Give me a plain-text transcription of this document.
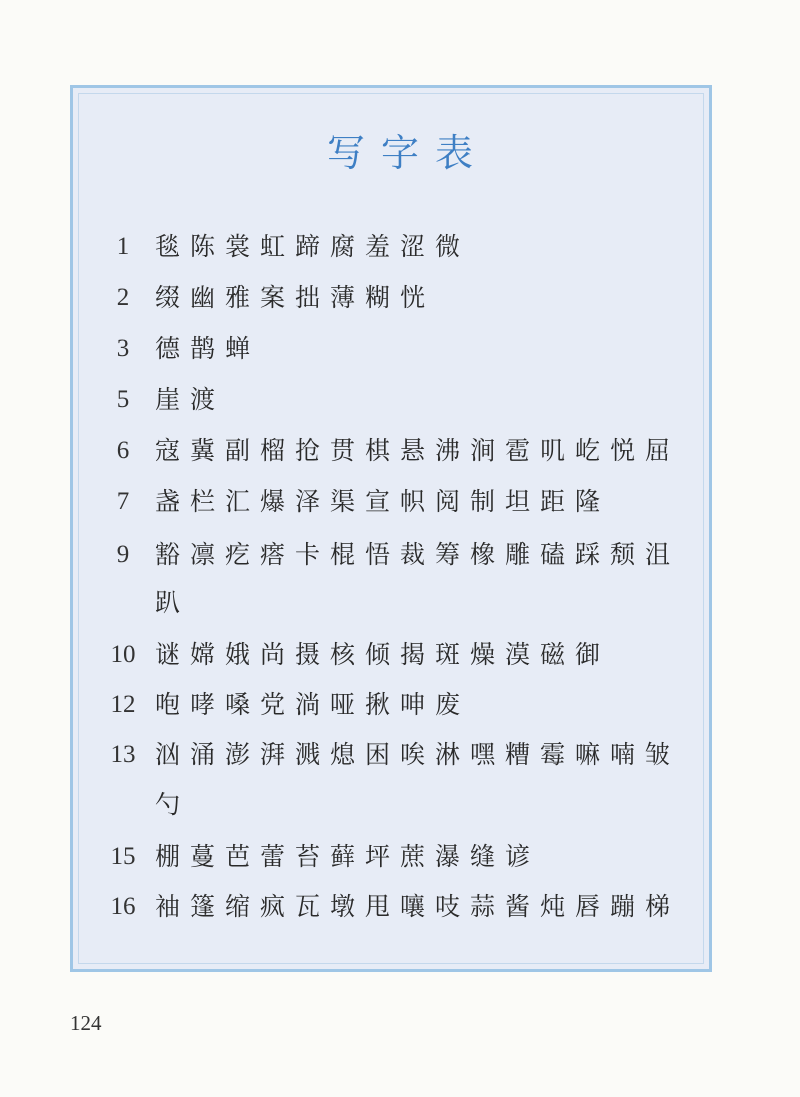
写字表
1	毯陈裳虹蹄腐羞涩微
2	缀幽雅案拙薄糊恍
3	德鹊蝉
5	崖渡
6	寇冀副榴抢贯棋悬沸涧雹叽屹悦屈
7	盏栏汇爆泽渠宣帜阅制坦距隆
9	豁凛疙瘩卡棍悟裁筹橡雕磕踩颓沮
趴
10 谜嫦娥尚摄核倾揭斑燥漠磁御
12 咆哮嗓党淌哑揪呻废
13 汹涌澎湃溅熄困唉淋嘿糟霉嘛喃皱
勺
15 棚蔓芭蕾苔藓坪蔗瀑缝谚
16 袖篷缩疯瓦墩甩嚷吱蒜酱炖唇蹦梯
124
